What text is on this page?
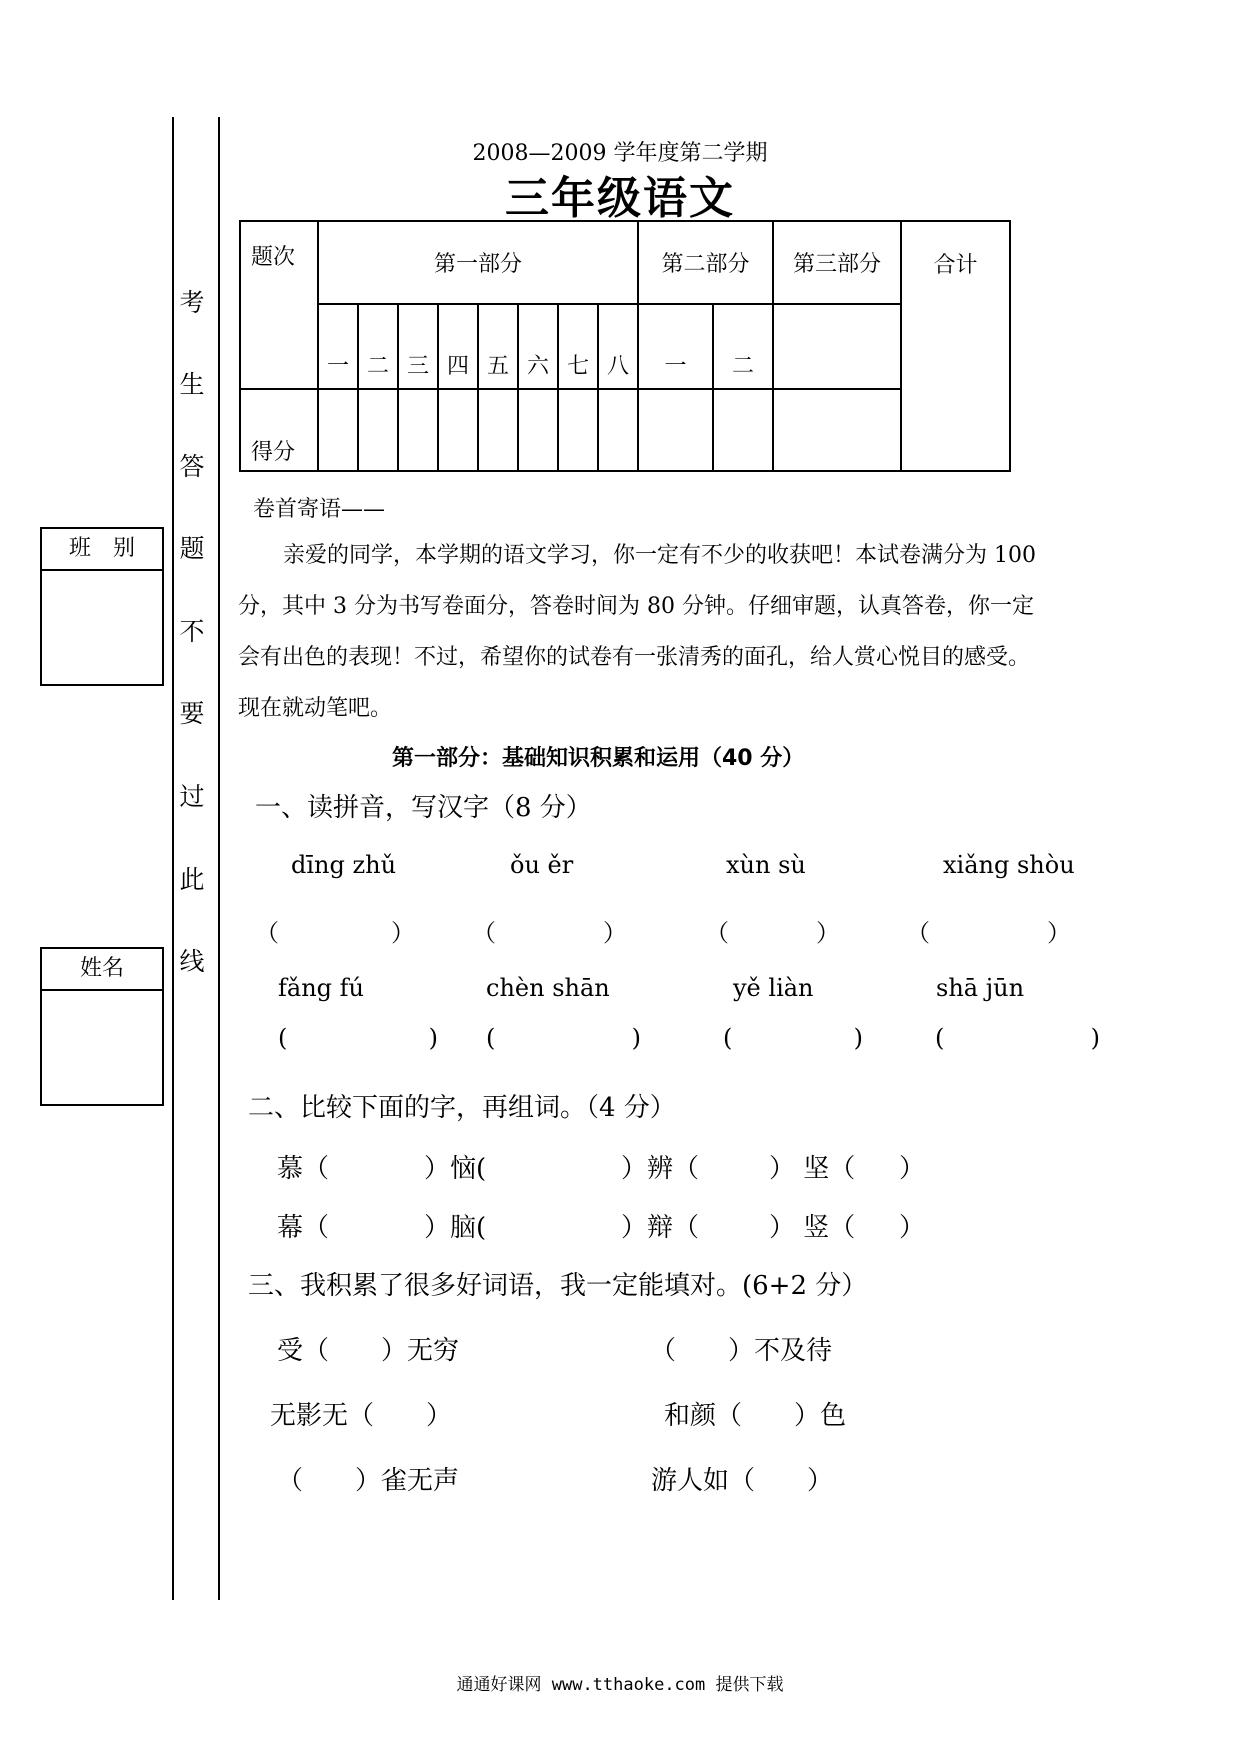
考
生
答
题
不
要
过
此
线
班　别
姓名
2008—2009 学年度第二学期
三年级语文
题次	第一部分								第二部分		第三部分	合计
	一	二	三	四	五	六	七	八	一	二		
得分												
卷首寄语——
亲爱的同学，本学期的语文学习，你一定有不少的收获吧！本试卷满分为 100
分，其中 3 分为书写卷面分，答卷时间为 80 分钟。仔细审题，认真答卷，你一定
会有出色的表现！不过，希望你的试卷有一张清秀的面孔，给人赏心悦目的感受。
现在就动笔吧。
第一部分：基础知识积累和运用（40 分）
一、读拼音，写汉字（8 分）
dīng zhǔ	ǒu ěr	xùn sù	xiǎng shòu
（	） （	）	（	）	（	）
fǎng fú	chèn shān	yě liàn	shā jūn
(	) (	)	(	)	(	)
二、比较下面的字，再组词。（4 分）
慕（	）恼(	）辨（	） 坚（ ）
幕（	）脑(	）辩（	） 竖（ ）
三、我积累了很多好词语，我一定能填对。(6+2 分）
受（　　）无穷	（　　）不及待
无影无（　　）	和颜（　　）色
（　　）雀无声	游人如（　　）
通通好课网 www.tthaoke.com 提供下载
